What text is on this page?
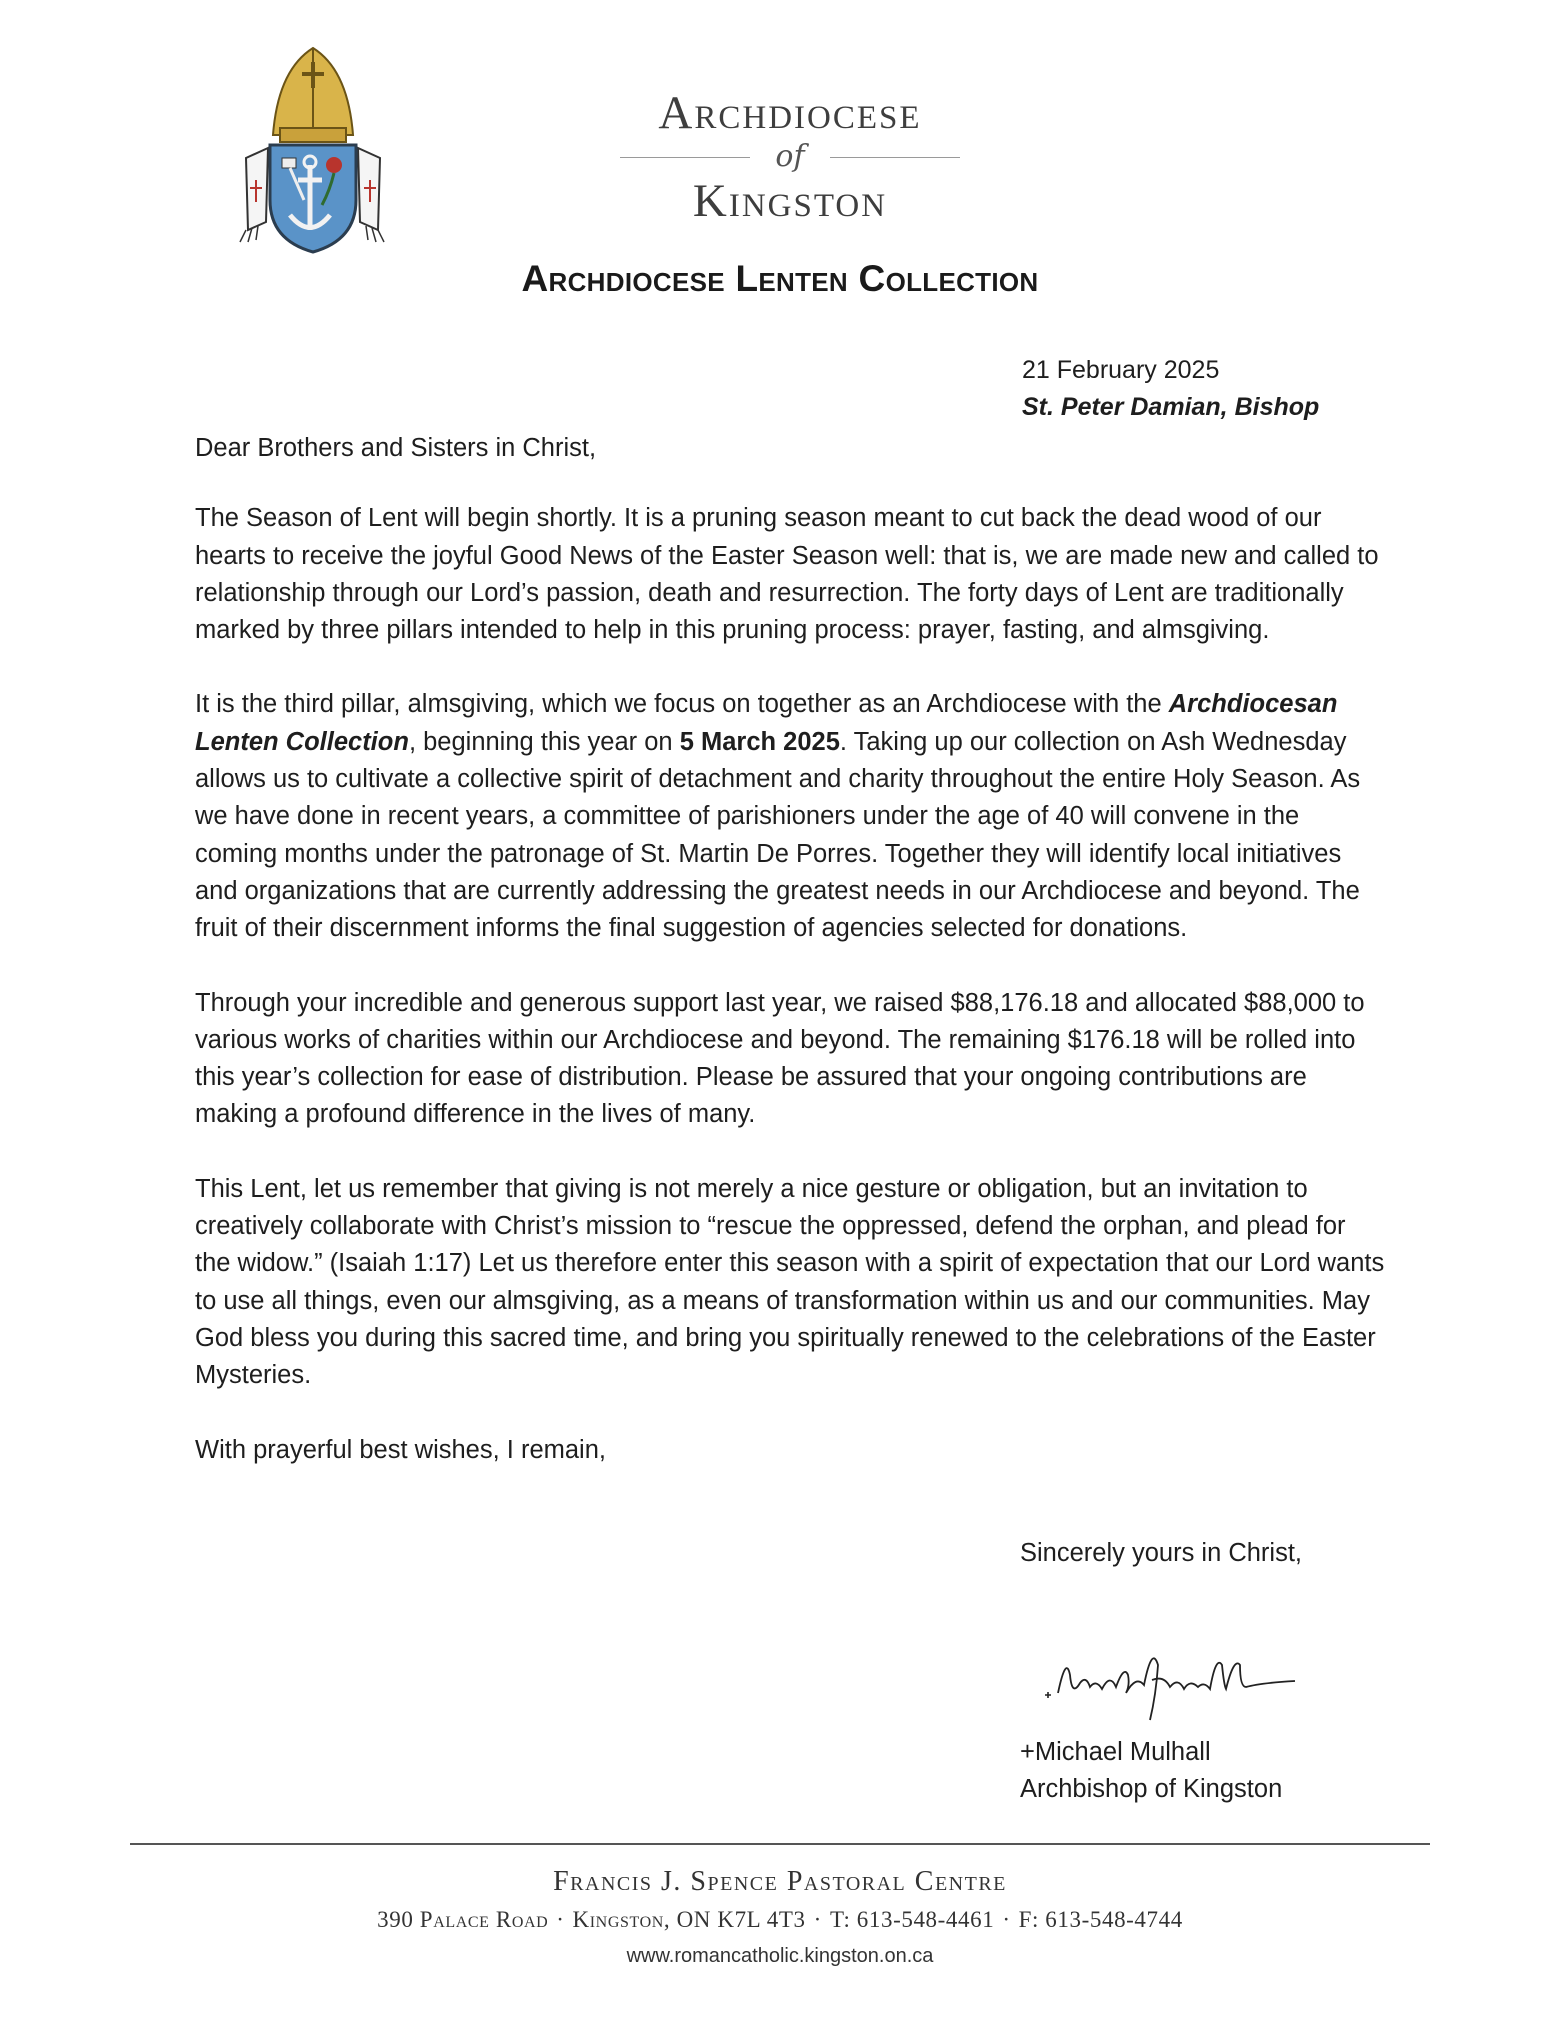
Archdiocese
of
Kingston
Archdiocese Lenten Collection
21 February 2025
St. Peter Damian, Bishop

Dear Brothers and Sisters in Christ,

The Season of Lent will begin shortly. It is a pruning season meant to cut back the dead wood of our hearts to receive the joyful Good News of the Easter Season well: that is, we are made new and called to relationship through our Lord’s passion, death and resurrection. The forty days of Lent are traditionally marked by three pillars intended to help in this pruning process: prayer, fasting, and almsgiving.

It is the third pillar, almsgiving, which we focus on together as an Archdiocese with the Archdiocesan Lenten Collection, beginning this year on 5 March 2025. Taking up our collection on Ash Wednesday allows us to cultivate a collective spirit of detachment and charity throughout the entire Holy Season. As we have done in recent years, a committee of parishioners under the age of 40 will convene in the coming months under the patronage of St. Martin De Porres. Together they will identify local initiatives and organizations that are currently addressing the greatest needs in our Archdiocese and beyond. The fruit of their discernment informs the final suggestion of agencies selected for donations.

Through your incredible and generous support last year, we raised $88,176.18 and allocated $88,000 to various works of charities within our Archdiocese and beyond. The remaining $176.18 will be rolled into this year’s collection for ease of distribution. Please be assured that your ongoing contributions are making a profound difference in the lives of many.

This Lent, let us remember that giving is not merely a nice gesture or obligation, but an invitation to creatively collaborate with Christ’s mission to “rescue the oppressed, defend the orphan, and plead for the widow.” (Isaiah 1:17) Let us therefore enter this season with a spirit of expectation that our Lord wants to use all things, even our almsgiving, as a means of transformation within us and our communities. May God bless you during this sacred time, and bring you spiritually renewed to the celebrations of the Easter Mysteries.

With prayerful best wishes, I remain,

Sincerely yours in Christ,
+Michael Mulhall
Archbishop of Kingston
Francis J. Spence Pastoral Centre
390 Palace Road · Kingston, ON K7L 4T3 · T: 613-548-4461 · F: 613-548-4744
www.romancatholic.kingston.on.ca
